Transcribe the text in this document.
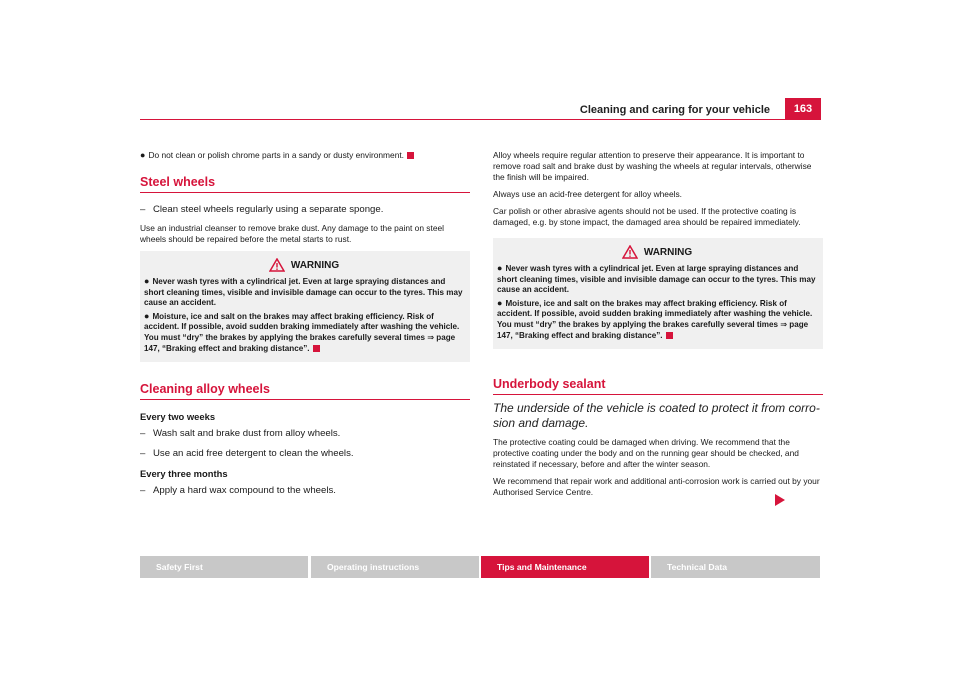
Cleaning and caring for your vehicle	163
● Do not clean or polish chrome parts in a sandy or dusty environment.
Steel wheels
– Clean steel wheels regularly using a separate sponge.

Use an industrial cleanser to remove brake dust. Any damage to the paint on steel wheels should be repaired before the metal starts to rust.

WARNING

● Never wash tyres with a cylindrical jet. Even at large spraying distances and short cleaning times, visible and invisible damage can occur to the tyres. This may cause an accident.

● Moisture, ice and salt on the brakes may affect braking efficiency. Risk of accident. If possible, avoid sudden braking immediately after washing the vehicle. You must “dry” the brakes by applying the brakes carefully several times ⇒ page 147, “Braking effect and braking distance”.

Cleaning alloy wheels
Every two weeks
– Wash salt and brake dust from alloy wheels.
– Use an acid free detergent to clean the wheels.
Every three months
– Apply a hard wax compound to the wheels.

Alloy wheels require regular attention to preserve their appearance. It is important to remove road salt and brake dust by washing the wheels at regular intervals, otherwise the finish will be impaired.

Always use an acid-free detergent for alloy wheels.

Car polish or other abrasive agents should not be used. If the protective coating is damaged, e.g. by stone impact, the damaged area should be repaired immediately.

WARNING

● Never wash tyres with a cylindrical jet. Even at large spraying distances and short cleaning times, visible and invisible damage can occur to the tyres. This may cause an accident.

● Moisture, ice and salt on the brakes may affect braking efficiency. Risk of accident. If possible, avoid sudden braking immediately after washing the vehicle. You must “dry” the brakes by applying the brakes carefully several times ⇒ page 147, “Braking effect and braking distance”.

Underbody sealant
The underside of the vehicle is coated to protect it from corro-sion and damage.

The protective coating could be damaged when driving. We recommend that the protective coating under the body and on the running gear should be checked, and reinstated if necessary, before and after the winter season.

We recommend that repair work and additional anti-corrosion work is carried out by your Authorised Service Centre.

Safety First	Operating instructions	Tips and Maintenance	Technical Data
